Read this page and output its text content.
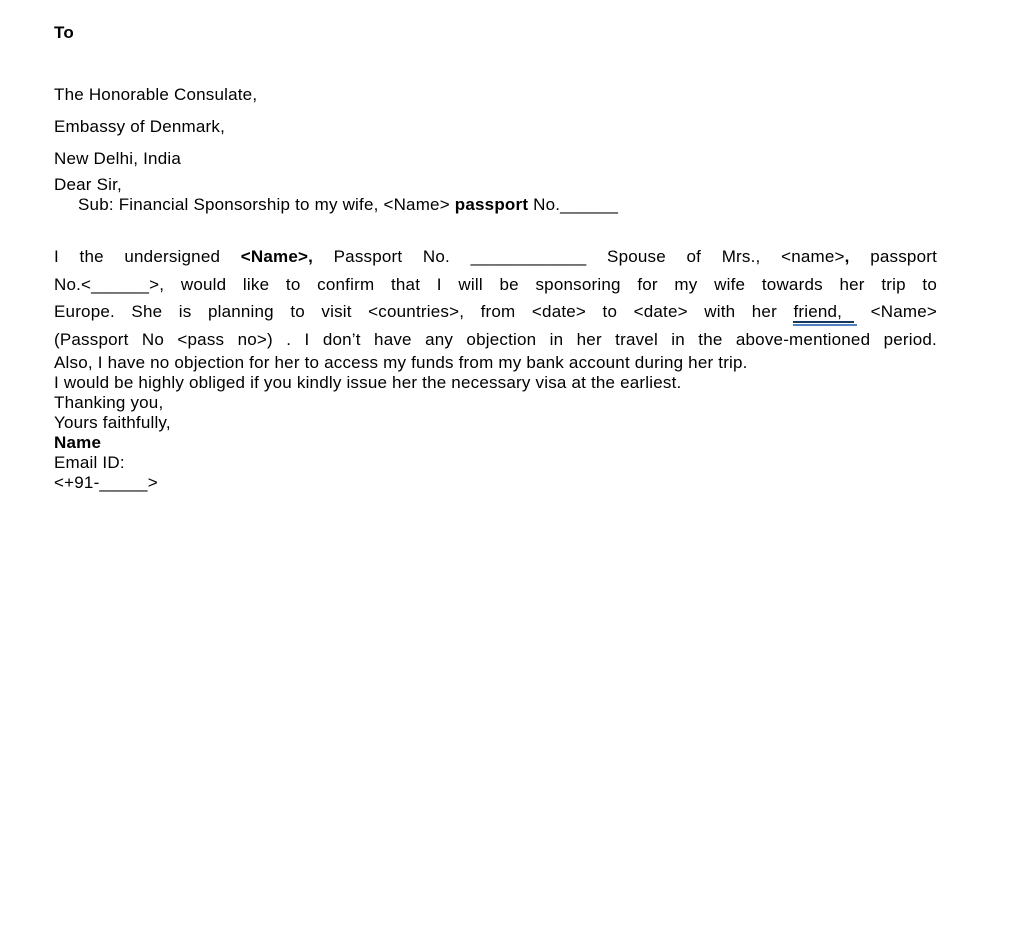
To

The Honorable Consulate,

Embassy of Denmark,

New Delhi, India

Dear Sir,

Sub: Financial Sponsorship to my wife, <Name> passport No.______

I the undersigned <Name>, Passport No. ____________ Spouse of Mrs., <name>, passport
No.<______>, would like to confirm that I will be sponsoring for my wife towards her trip to
Europe. She is planning to visit <countries>, from <date> to <date> with her friend, <Name>
(Passport No <pass no>) . I don’t have any objection in her travel in the above-mentioned period.

Also, I have no objection for her to access my funds from my bank account during her trip.

I would be highly obliged if you kindly issue her the necessary visa at the earliest.

Thanking you,

Yours faithfully,

Name

Email ID:

<+91-_____>
